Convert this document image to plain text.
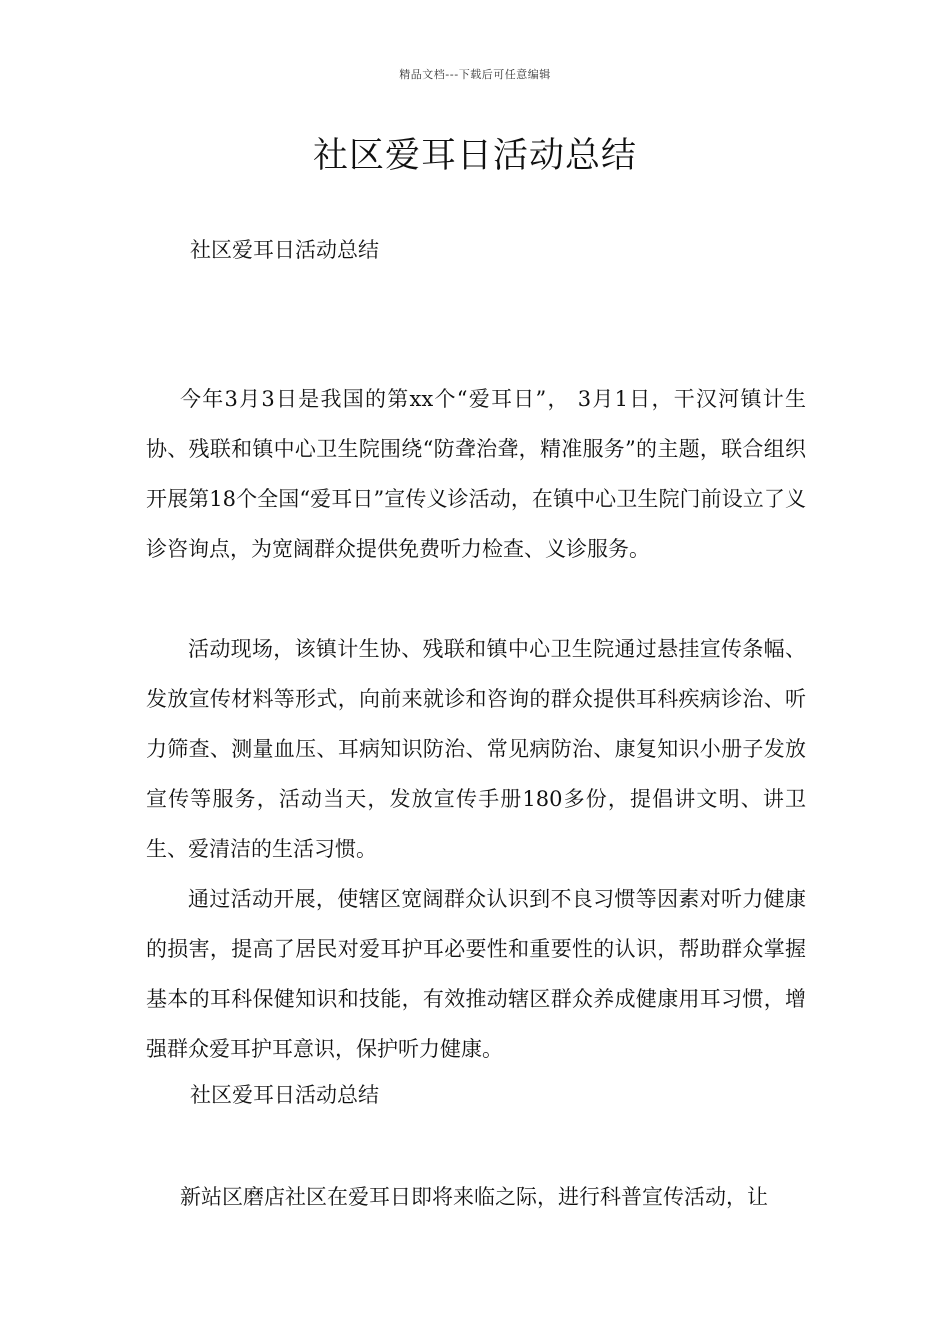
精品文档---下载后可任意编辑
社区爱耳日活动总结

社区爱耳日活动总结

今年3月3日是我国的第xx个“爱耳日”， 3月1日，干汉河镇计生协、残联和镇中心卫生院围绕“防聋治聋，精准服务”的主题，联合组织开展第18个全国“爱耳日”宣传义诊活动，在镇中心卫生院门前设立了义诊咨询点，为宽阔群众提供免费听力检查、义诊服务。

活动现场，该镇计生协、残联和镇中心卫生院通过悬挂宣传条幅、发放宣传材料等形式，向前来就诊和咨询的群众提供耳科疾病诊治、听力筛查、测量血压、耳病知识防治、常见病防治、康复知识小册子发放宣传等服务，活动当天，发放宣传手册180多份，提倡讲文明、讲卫生、爱清洁的生活习惯。

通过活动开展，使辖区宽阔群众认识到不良习惯等因素对听力健康的损害，提高了居民对爱耳护耳必要性和重要性的认识，帮助群众掌握基本的耳科保健知识和技能，有效推动辖区群众养成健康用耳习惯，增强群众爱耳护耳意识，保护听力健康。

社区爱耳日活动总结

新站区磨店社区在爱耳日即将来临之际，进行科普宣传活动，让
